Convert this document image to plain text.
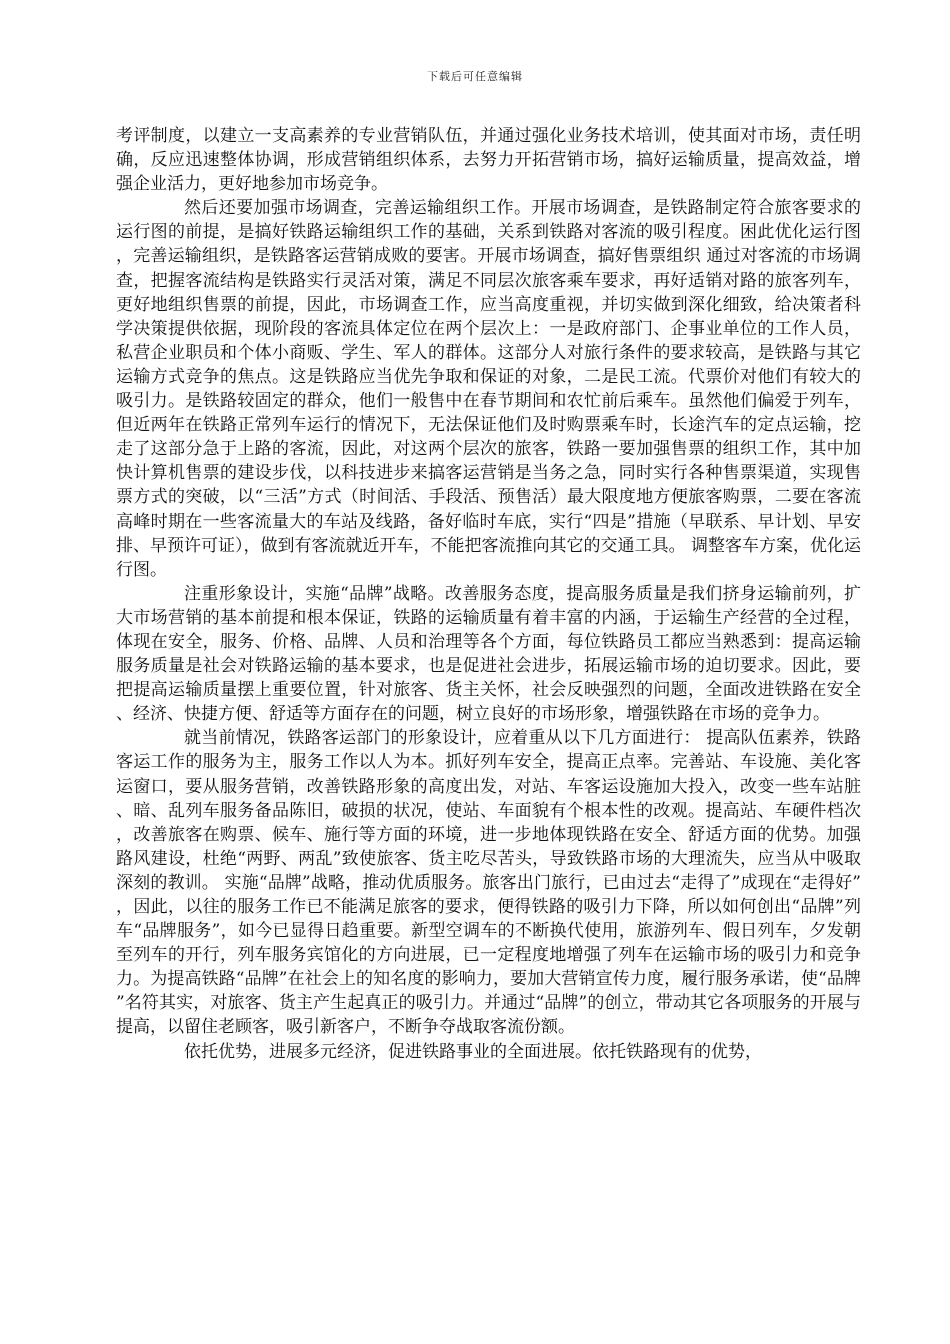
下载后可任意编辑

考评制度，以建立一支高素养的专业营销队伍，并通过强化业务技术培训，使其面对市场，责任明确，反应迅速整体协调，形成营销组织体系，去努力开拓营销市场，搞好运输质量，提高效益，增强企业活力，更好地参加市场竞争。

然后还要加强市场调查，完善运输组织工作。开展市场调查，是铁路制定符合旅客要求的运行图的前提，是搞好铁路运输组织工作的基础，关系到铁路对客流的吸引程度。困此优化运行图，完善运输组织，是铁路客运营销成败的要害。开展市场调查，搞好售票组织 通过对客流的市场调查，把握客流结构是铁路实行灵活对策，满足不同层次旅客乘车要求，再好适销对路的旅客列车，更好地组织售票的前提，因此，市场调查工作，应当高度重视，并切实做到深化细致，给决策者科学决策提供依据，现阶段的客流具体定位在两个层次上：一是政府部门、企事业单位的工作人员，私营企业职员和个体小商贩、学生、军人的群体。这部分人对旅行条件的要求较高，是铁路与其它运输方式竞争的焦点。这是铁路应当优先争取和保证的对象，二是民工流。代票价对他们有较大的吸引力。是铁路较固定的群众，他们一般售中在春节期间和农忙前后乘车。虽然他们偏爱于列车，但近两年在铁路正常列车运行的情况下，无法保证他们及时购票乘车时，长途汽车的定点运输，挖走了这部分急于上路的客流，因此，对这两个层次的旅客，铁路一要加强售票的组织工作，其中加快计算机售票的建设步伐，以科技进步来搞客运营销是当务之急，同时实行各种售票渠道，实现售票方式的突破，以“三活”方式（时间活、手段活、预售活）最大限度地方便旅客购票，二要在客流高峰时期在一些客流量大的车站及线路，备好临时车底，实行“四是”措施（早联系、早计划、早安排、早预许可证），做到有客流就近开车，不能把客流推向其它的交通工具。 调整客车方案，优化运行图。

注重形象设计，实施“品牌”战略。改善服务态度，提高服务质量是我们挤身运输前列，扩大市场营销的基本前提和根本保证，铁路的运输质量有着丰富的内涵，于运输生产经营的全过程，体现在安全，服务、价格、品牌、人员和治理等各个方面，每位铁路员工都应当熟悉到：提高运输服务质量是社会对铁路运输的基本要求，也是促进社会进步，拓展运输市场的迫切要求。因此，要把提高运输质量摆上重要位置，针对旅客、货主关怀，社会反映强烈的问题，全面改进铁路在安全、经济、快捷方便、舒适等方面存在的问题，树立良好的市场形象，增强铁路在市场的竞争力。

就当前情况，铁路客运部门的形象设计，应着重从以下几方面进行： 提高队伍素养，铁路客运工作的服务为主，服务工作以人为本。抓好列车安全，提高正点率。完善站、车设施、美化客运窗口，要从服务营销，改善铁路形象的高度出发，对站、车客运设施加大投入，改变一些车站脏、暗、乱列车服务备品陈旧，破损的状况，使站、车面貌有个根本性的改观。提高站、车硬件档次，改善旅客在购票、候车、施行等方面的环境，进一步地体现铁路在安全、舒适方面的优势。加强路风建设，杜绝“两野、两乱”致使旅客、货主吃尽苦头，导致铁路市场的大理流失，应当从中吸取深刻的教训。 实施“品牌”战略，推动优质服务。旅客出门旅行，已由过去“走得了”成现在“走得好”，因此，以往的服务工作已不能满足旅客的要求，便得铁路的吸引力下降，所以如何创出“品牌”列车“品牌服务”，如今已显得日趋重要。新型空调车的不断换代使用，旅游列车、假日列车，夕发朝至列车的开行，列车服务宾馆化的方向进展，已一定程度地增强了列车在运输市场的吸引力和竞争力。为提高铁路“品牌”在社会上的知名度的影响力，要加大营销宣传力度，履行服务承诺，使“品牌”名符其实，对旅客、货主产生起真正的吸引力。并通过“品牌”的创立，带动其它各项服务的开展与提高，以留住老顾客，吸引新客户，不断争夺战取客流份额。

依托优势，进展多元经济，促进铁路事业的全面进展。依托铁路现有的优势，
